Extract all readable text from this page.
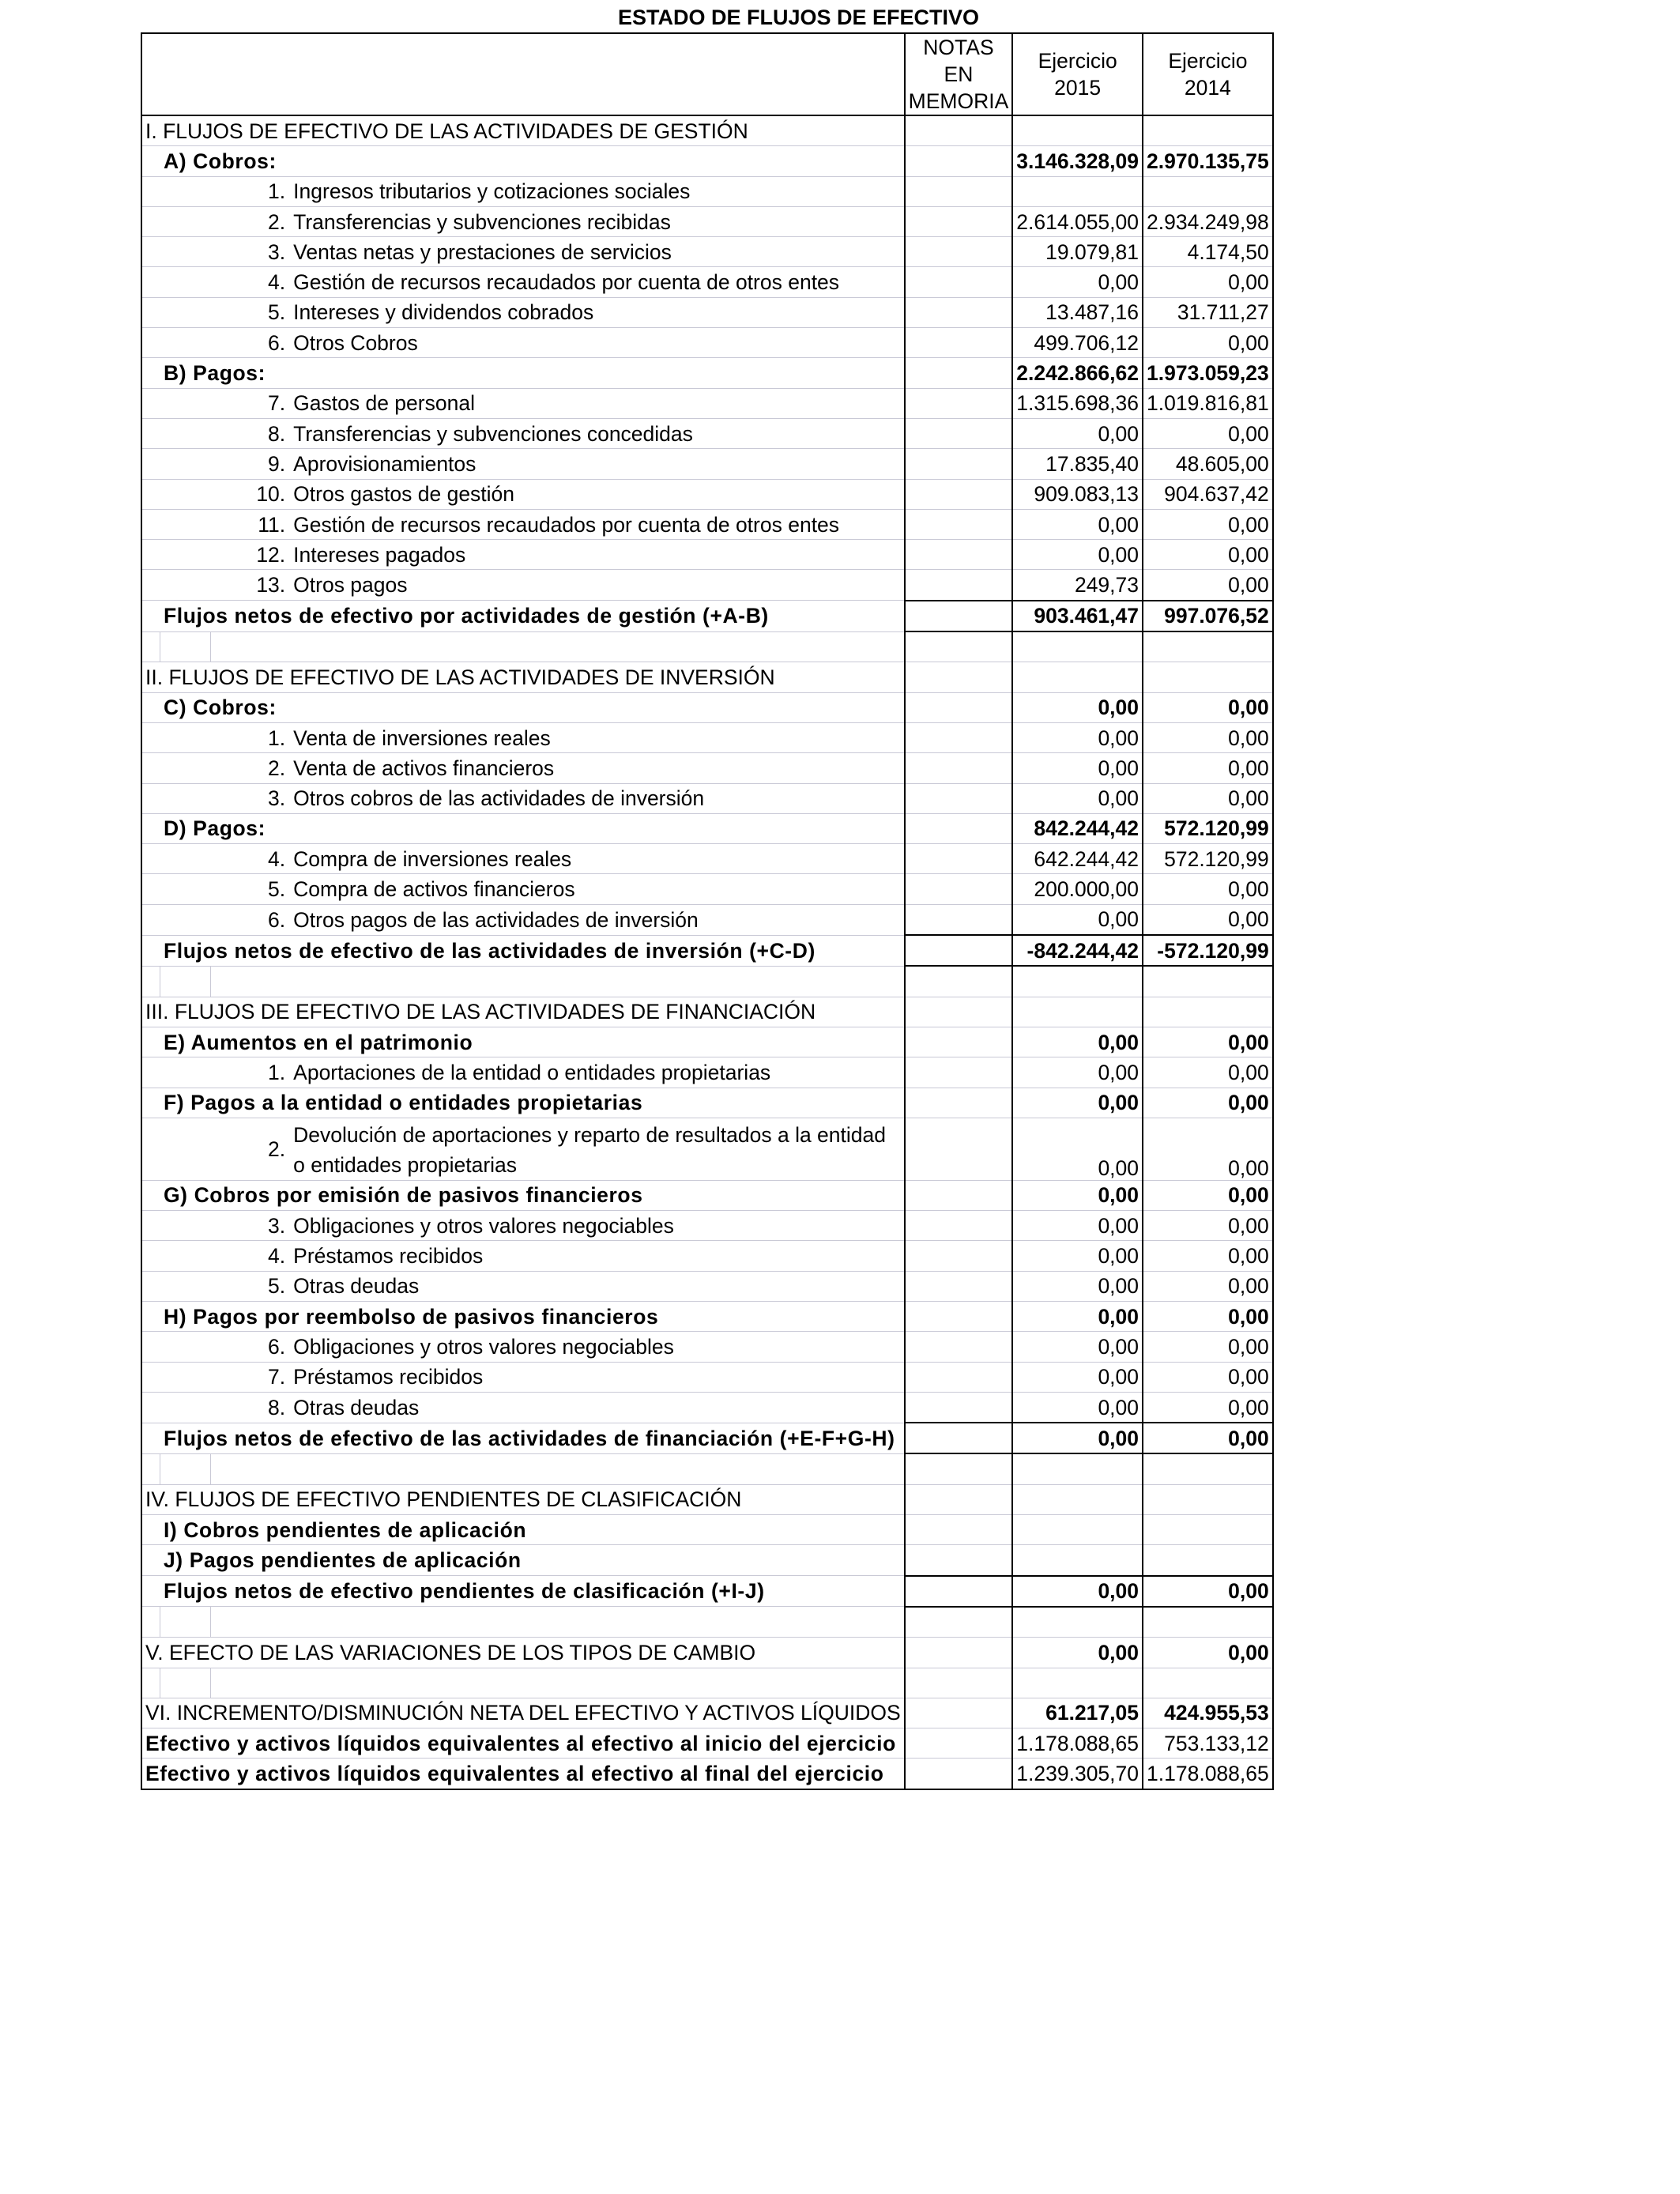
ESTADO DE FLUJOS DE EFECTIVO
				NOTAS EN MEMORIA	Ejercicio 2015	Ejercicio 2014
I. FLUJOS DE EFECTIVO DE LAS ACTIVIDADES DE GESTIÓN						
	A) Cobros:				3.146.328,09	2.970.135,75
		1.	Ingresos tributarios y cotizaciones sociales			
		2.	Transferencias y subvenciones recibidas		2.614.055,00	2.934.249,98
		3.	Ventas netas y prestaciones de servicios		19.079,81	4.174,50
		4.	Gestión de recursos recaudados por cuenta de otros entes		0,00	0,00
		5.	Intereses y dividendos cobrados		13.487,16	31.711,27
		6.	Otros Cobros		499.706,12	0,00
	B) Pagos:				2.242.866,62	1.973.059,23
		7.	Gastos de personal		1.315.698,36	1.019.816,81
		8.	Transferencias y subvenciones concedidas		0,00	0,00
		9.	Aprovisionamientos		17.835,40	48.605,00
		10.	Otros gastos de gestión		909.083,13	904.637,42
		11.	Gestión de recursos recaudados por cuenta de otros entes		0,00	0,00
		12.	Intereses pagados		0,00	0,00
		13.	Otros pagos		249,73	0,00
	Flujos netos de efectivo por actividades de gestión (+A-B)				903.461,47	997.076,52

II. FLUJOS DE EFECTIVO DE LAS ACTIVIDADES DE INVERSIÓN						
	C) Cobros:				0,00	0,00
		1.	Venta de inversiones reales		0,00	0,00
		2.	Venta de activos financieros		0,00	0,00
		3.	Otros cobros de las actividades de inversión		0,00	0,00
	D) Pagos:				842.244,42	572.120,99
		4.	Compra de inversiones reales		642.244,42	572.120,99
		5.	Compra de activos financieros		200.000,00	0,00
		6.	Otros pagos de las actividades de inversión		0,00	0,00
	Flujos netos de efectivo de las actividades de inversión (+C-D)				-842.244,42	-572.120,99

III. FLUJOS DE EFECTIVO DE LAS ACTIVIDADES DE FINANCIACIÓN						
	E) Aumentos en el patrimonio				0,00	0,00
		1.	Aportaciones de la entidad o entidades propietarias		0,00	0,00
	F) Pagos a la entidad o entidades propietarias				0,00	0,00
		2.	Devolución de aportaciones y reparto de resultados a la entidad o entidades propietarias		0,00	0,00
	G) Cobros por emisión de pasivos financieros				0,00	0,00
		3.	Obligaciones y otros valores negociables		0,00	0,00
		4.	Préstamos recibidos		0,00	0,00
		5.	Otras deudas		0,00	0,00
	H) Pagos por reembolso de pasivos financieros				0,00	0,00
		6.	Obligaciones y otros valores negociables		0,00	0,00
		7.	Préstamos recibidos		0,00	0,00
		8.	Otras deudas		0,00	0,00
	Flujos netos de efectivo de las actividades de financiación (+E-F+G-H)				0,00	0,00

IV. FLUJOS DE EFECTIVO PENDIENTES DE CLASIFICACIÓN						
	I) Cobros pendientes de aplicación					
	J) Pagos pendientes de aplicación					
	Flujos netos de efectivo pendientes de clasificación (+I-J)				0,00	0,00

V. EFECTO DE LAS VARIACIONES DE LOS TIPOS DE CAMBIO					0,00	0,00

VI. INCREMENTO/DISMINUCIÓN NETA DEL EFECTIVO Y ACTIVOS LÍQUIDOS					61.217,05	424.955,53
Efectivo y activos líquidos equivalentes al efectivo al inicio del ejercicio					1.178.088,65	753.133,12
Efectivo y activos líquidos equivalentes al efectivo al final del ejercicio					1.239.305,70	1.178.088,65
